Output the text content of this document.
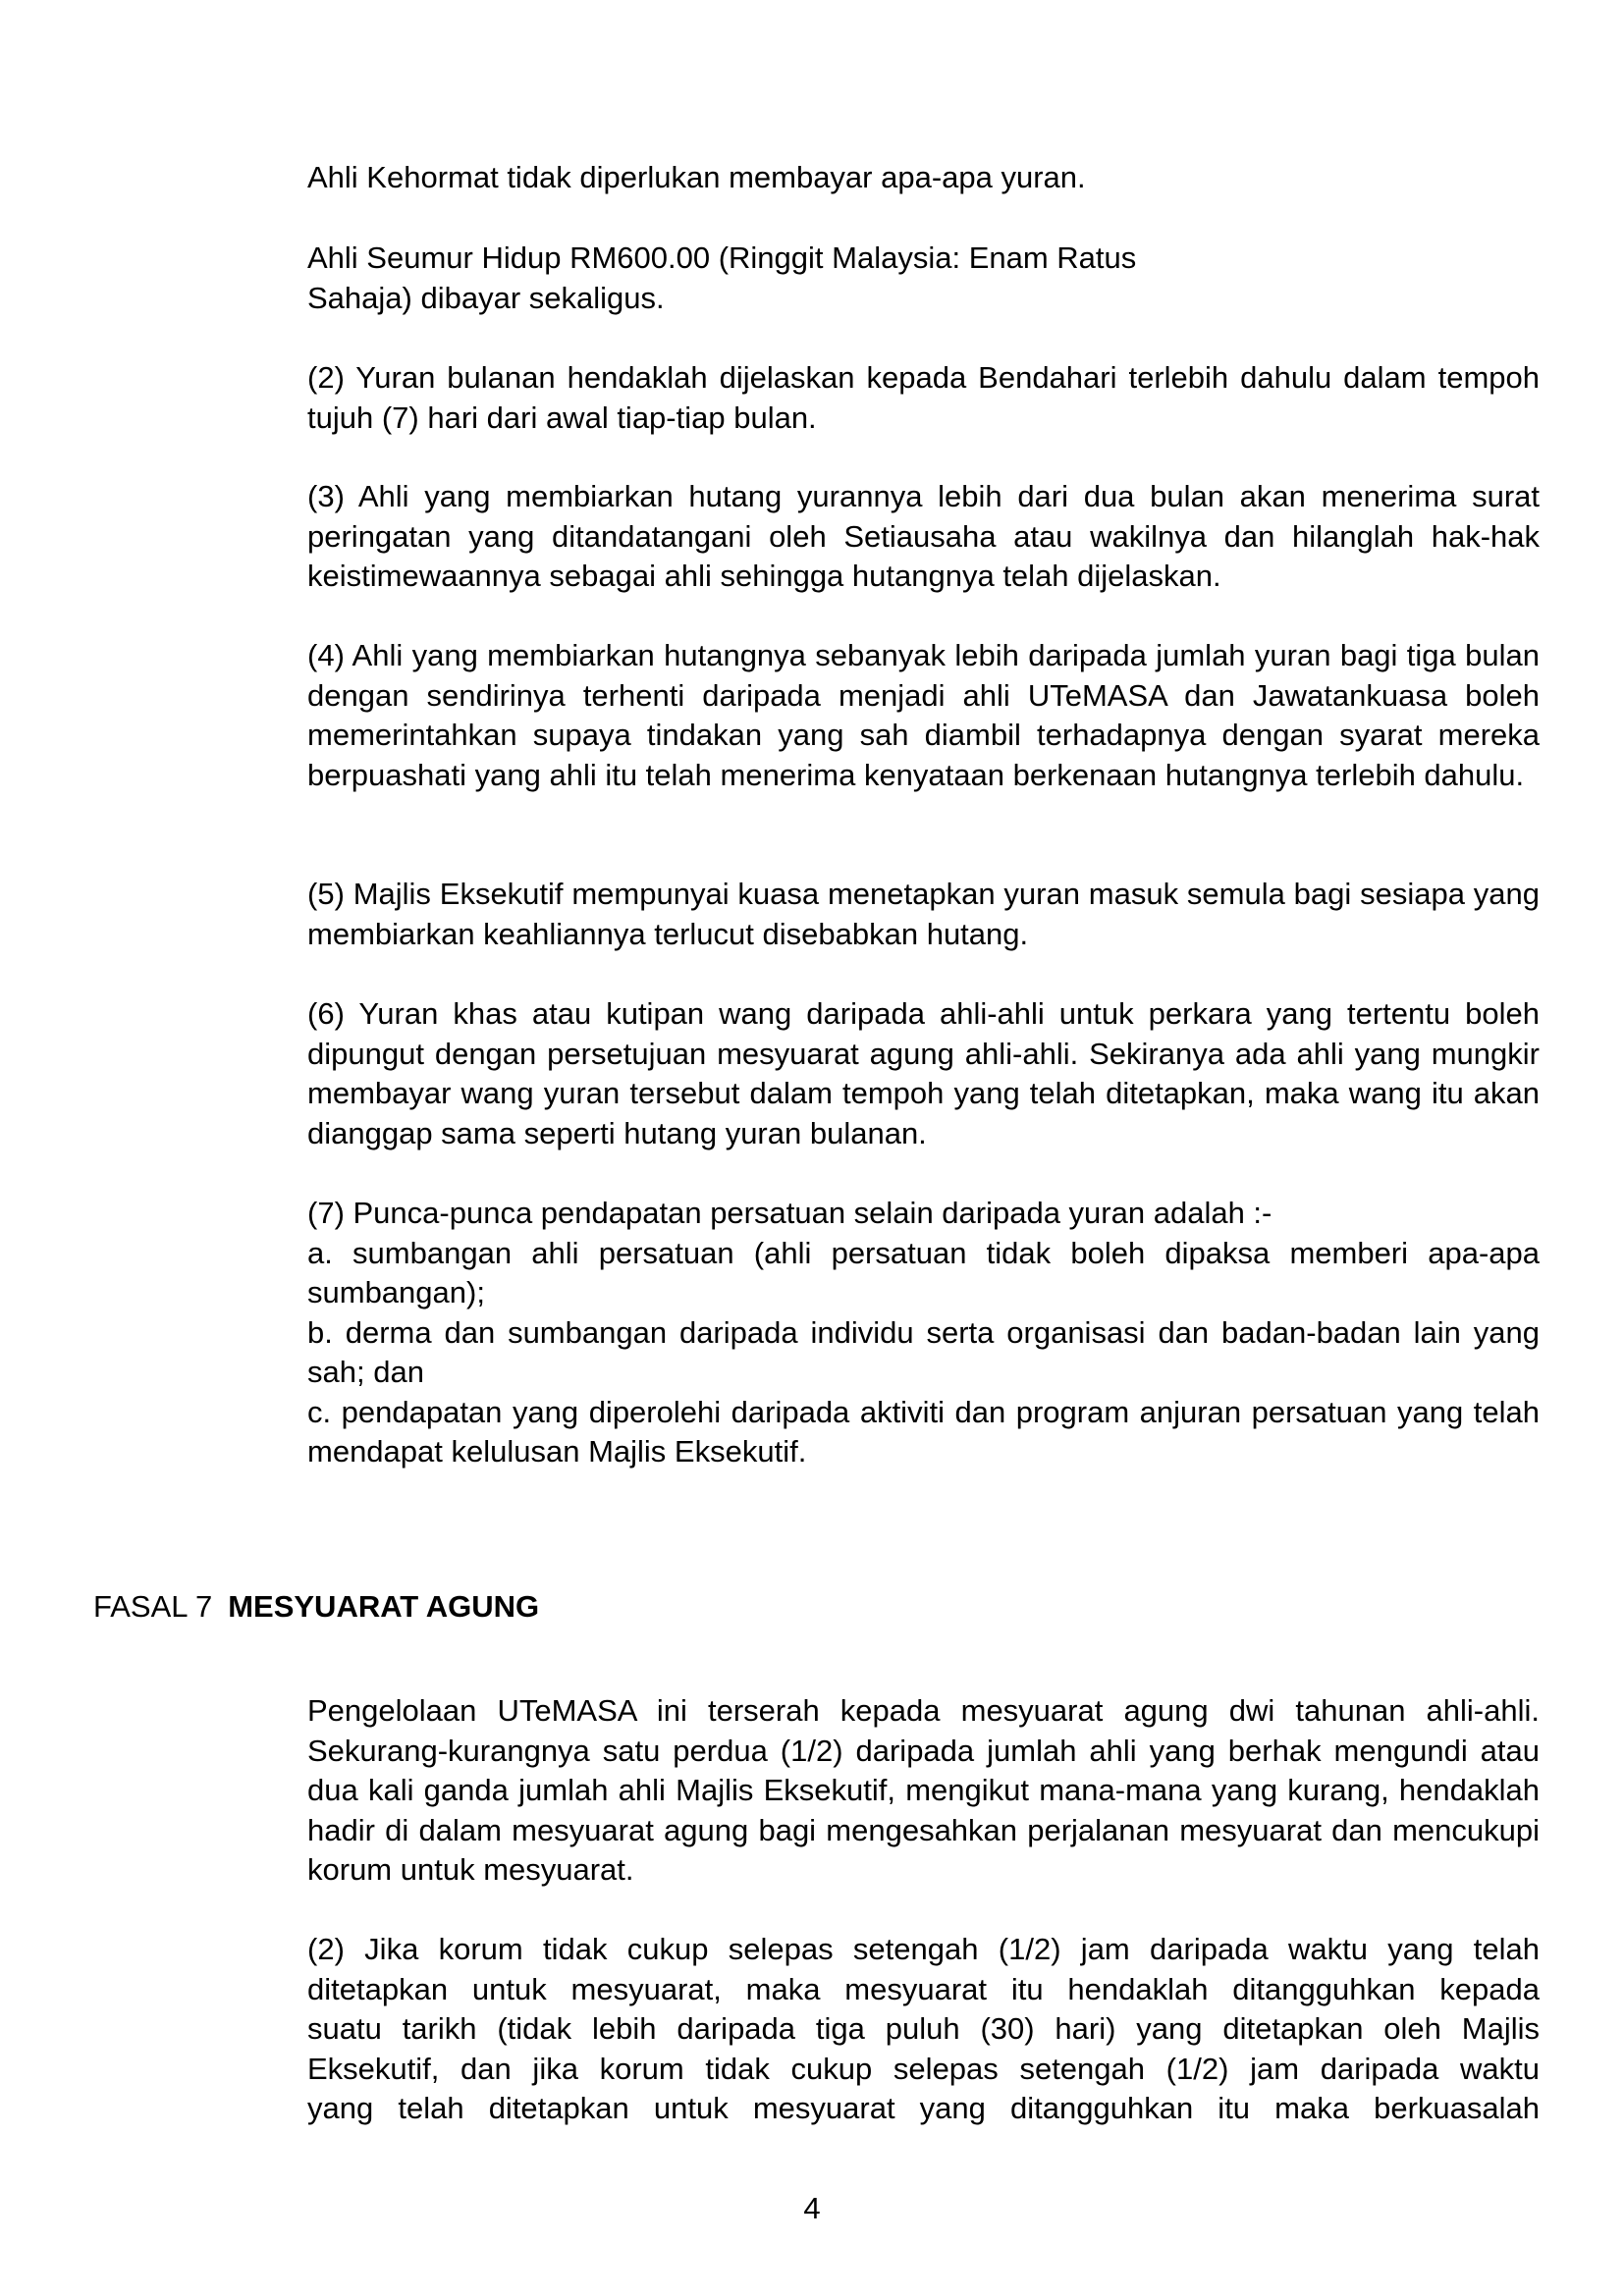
Ahli Kehormat tidak diperlukan membayar apa-apa yuran.

Ahli Seumur Hidup RM600.00 (Ringgit Malaysia: Enam Ratus
Sahaja) dibayar sekaligus.

(2) Yuran bulanan hendaklah dijelaskan kepada Bendahari terlebih dahulu dalam tempoh tujuh (7) hari dari awal tiap-tiap bulan.

(3) Ahli yang membiarkan hutang yurannya lebih dari dua bulan akan menerima surat peringatan yang ditandatangani oleh Setiausaha atau wakilnya dan hilanglah hak-hak keistimewaannya sebagai ahli sehingga hutangnya telah dijelaskan.

(4) Ahli yang membiarkan hutangnya sebanyak lebih daripada jumlah yuran bagi tiga bulan dengan sendirinya terhenti daripada menjadi ahli UTeMASA dan Jawatankuasa boleh memerintahkan supaya tindakan yang sah diambil terhadapnya dengan syarat mereka berpuashati yang ahli itu telah menerima kenyataan berkenaan hutangnya terlebih dahulu.

(5) Majlis Eksekutif mempunyai kuasa menetapkan yuran masuk semula bagi sesiapa yang membiarkan keahliannya terlucut disebabkan hutang.

(6) Yuran khas atau kutipan wang daripada ahli-ahli untuk perkara yang tertentu boleh dipungut dengan persetujuan mesyuarat agung ahli-ahli. Sekiranya ada ahli yang mungkir membayar wang yuran tersebut dalam tempoh yang telah ditetapkan, maka wang itu akan dianggap sama seperti hutang yuran bulanan.

(7) Punca-punca pendapatan persatuan selain daripada yuran adalah :-

a. sumbangan ahli persatuan (ahli persatuan tidak boleh dipaksa memberi apa-apa sumbangan);

b. derma dan sumbangan daripada individu serta organisasi dan badan-badan lain yang sah; dan

c. pendapatan yang diperolehi daripada aktiviti dan program anjuran persatuan yang telah mendapat kelulusan Majlis Eksekutif.

FASAL 7 MESYUARAT AGUNG

Pengelolaan UTeMASA ini terserah kepada mesyuarat agung dwi tahunan ahli-ahli. Sekurang-kurangnya satu perdua (1/2) daripada jumlah ahli yang berhak mengundi atau dua kali ganda jumlah ahli Majlis Eksekutif, mengikut mana-mana yang kurang, hendaklah hadir di dalam mesyuarat agung bagi mengesahkan perjalanan mesyuarat dan mencukupi korum untuk mesyuarat.

(2) Jika korum tidak cukup selepas setengah (1/2) jam daripada waktu yang telah
ditetapkan untuk mesyuarat, maka mesyuarat itu hendaklah ditangguhkan kepada
suatu tarikh (tidak lebih daripada tiga puluh (30) hari) yang ditetapkan oleh Majlis
Eksekutif, dan jika korum tidak cukup selepas setengah (1/2) jam daripada waktu
yang telah ditetapkan untuk mesyuarat yang ditangguhkan itu maka berkuasalah
4
